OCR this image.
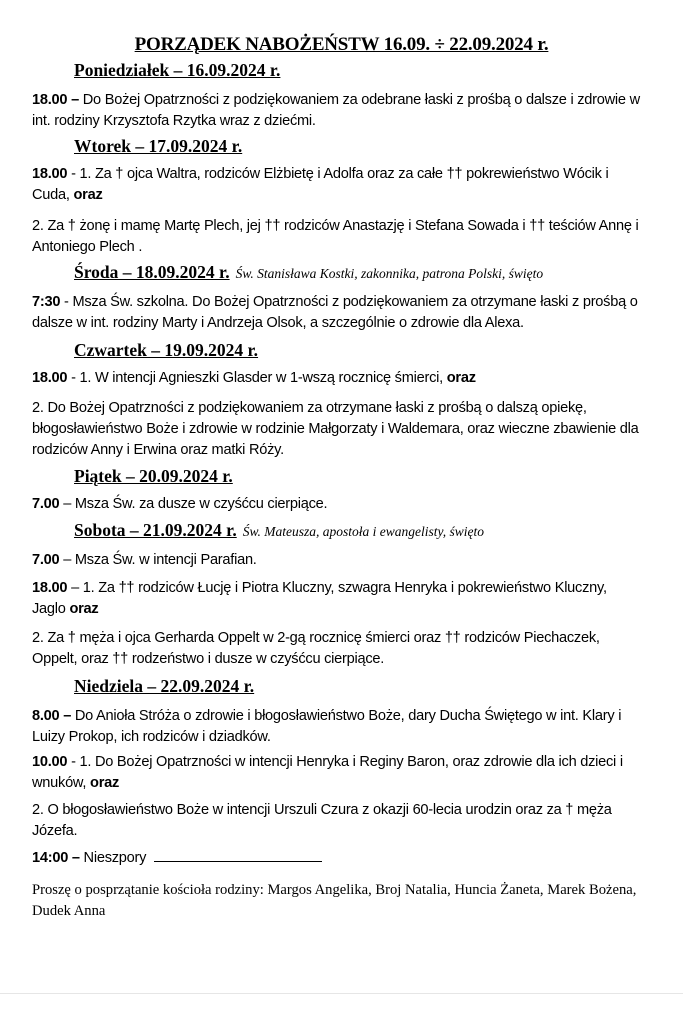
PORZĄDEK NABOŻEŃSTW 16.09. ÷ 22.09.2024 r.
Poniedziałek – 16.09.2024 r.
18.00 – Do Bożej Opatrzności z podziękowaniem za odebrane łaski z prośbą o dalsze i zdrowie w int. rodziny Krzysztofa Rzytka wraz z dziećmi.
Wtorek – 17.09.2024 r.
18.00 - 1. Za † ojca Waltra, rodziców Elżbietę i Adolfa oraz za całe †† pokrewieństwo Wócik i Cuda, oraz
2. Za † żonę i mamę Martę Plech, jej †† rodziców Anastazję i Stefana Sowada i †† teściów Annę i Antoniego Plech .
Środa – 18.09.2024 r. Św. Stanisława Kostki, zakonnika, patrona Polski, święto
7:30 - Msza Św. szkolna. Do Bożej Opatrzności z podziękowaniem za otrzymane łaski z prośbą o dalsze w int. rodziny Marty i Andrzeja Olsok, a szczególnie o zdrowie dla Alexa.
Czwartek – 19.09.2024 r.
18.00 - 1. W intencji Agnieszki Glasder w 1-wszą rocznicę śmierci, oraz
2. Do Bożej Opatrzności z podziękowaniem za otrzymane łaski z prośbą o dalszą opiekę, błogosławieństwo Boże i zdrowie w rodzinie Małgorzaty i Waldemara, oraz wieczne zbawienie dla rodziców Anny i Erwina oraz matki Róży.
Piątek – 20.09.2024 r.
7.00 – Msza Św. za dusze w czyśćcu cierpiące.
Sobota – 21.09.2024 r. Św. Mateusza, apostoła i ewangelisty, święto
7.00 – Msza Św. w intencji Parafian.
18.00 – 1. Za †† rodziców Łucję i Piotra Kluczny, szwagra Henryka i pokrewieństwo Kluczny, Jaglo oraz
2. Za † męża i ojca Gerharda Oppelt w 2-gą rocznicę śmierci oraz †† rodziców Piechaczek, Oppelt, oraz †† rodzeństwo i dusze w czyśćcu cierpiące.
Niedziela – 22.09.2024 r.
8.00 – Do Anioła Stróża o zdrowie i błogosławieństwo Boże, dary Ducha Świętego w int. Klary i Luizy Prokop, ich rodziców i dziadków.
10.00 - 1. Do Bożej Opatrzności w intencji Henryka i Reginy Baron, oraz zdrowie dla ich dzieci i wnuków, oraz
2. O błogosławieństwo Boże w intencji Urszuli Czura z okazji 60-lecia urodzin oraz za † męża Józefa.
14:00 – Nieszpory
Proszę o posprzątanie kościoła rodziny: Margos Angelika, Broj Natalia, Huncia Żaneta, Marek Bożena, Dudek Anna
